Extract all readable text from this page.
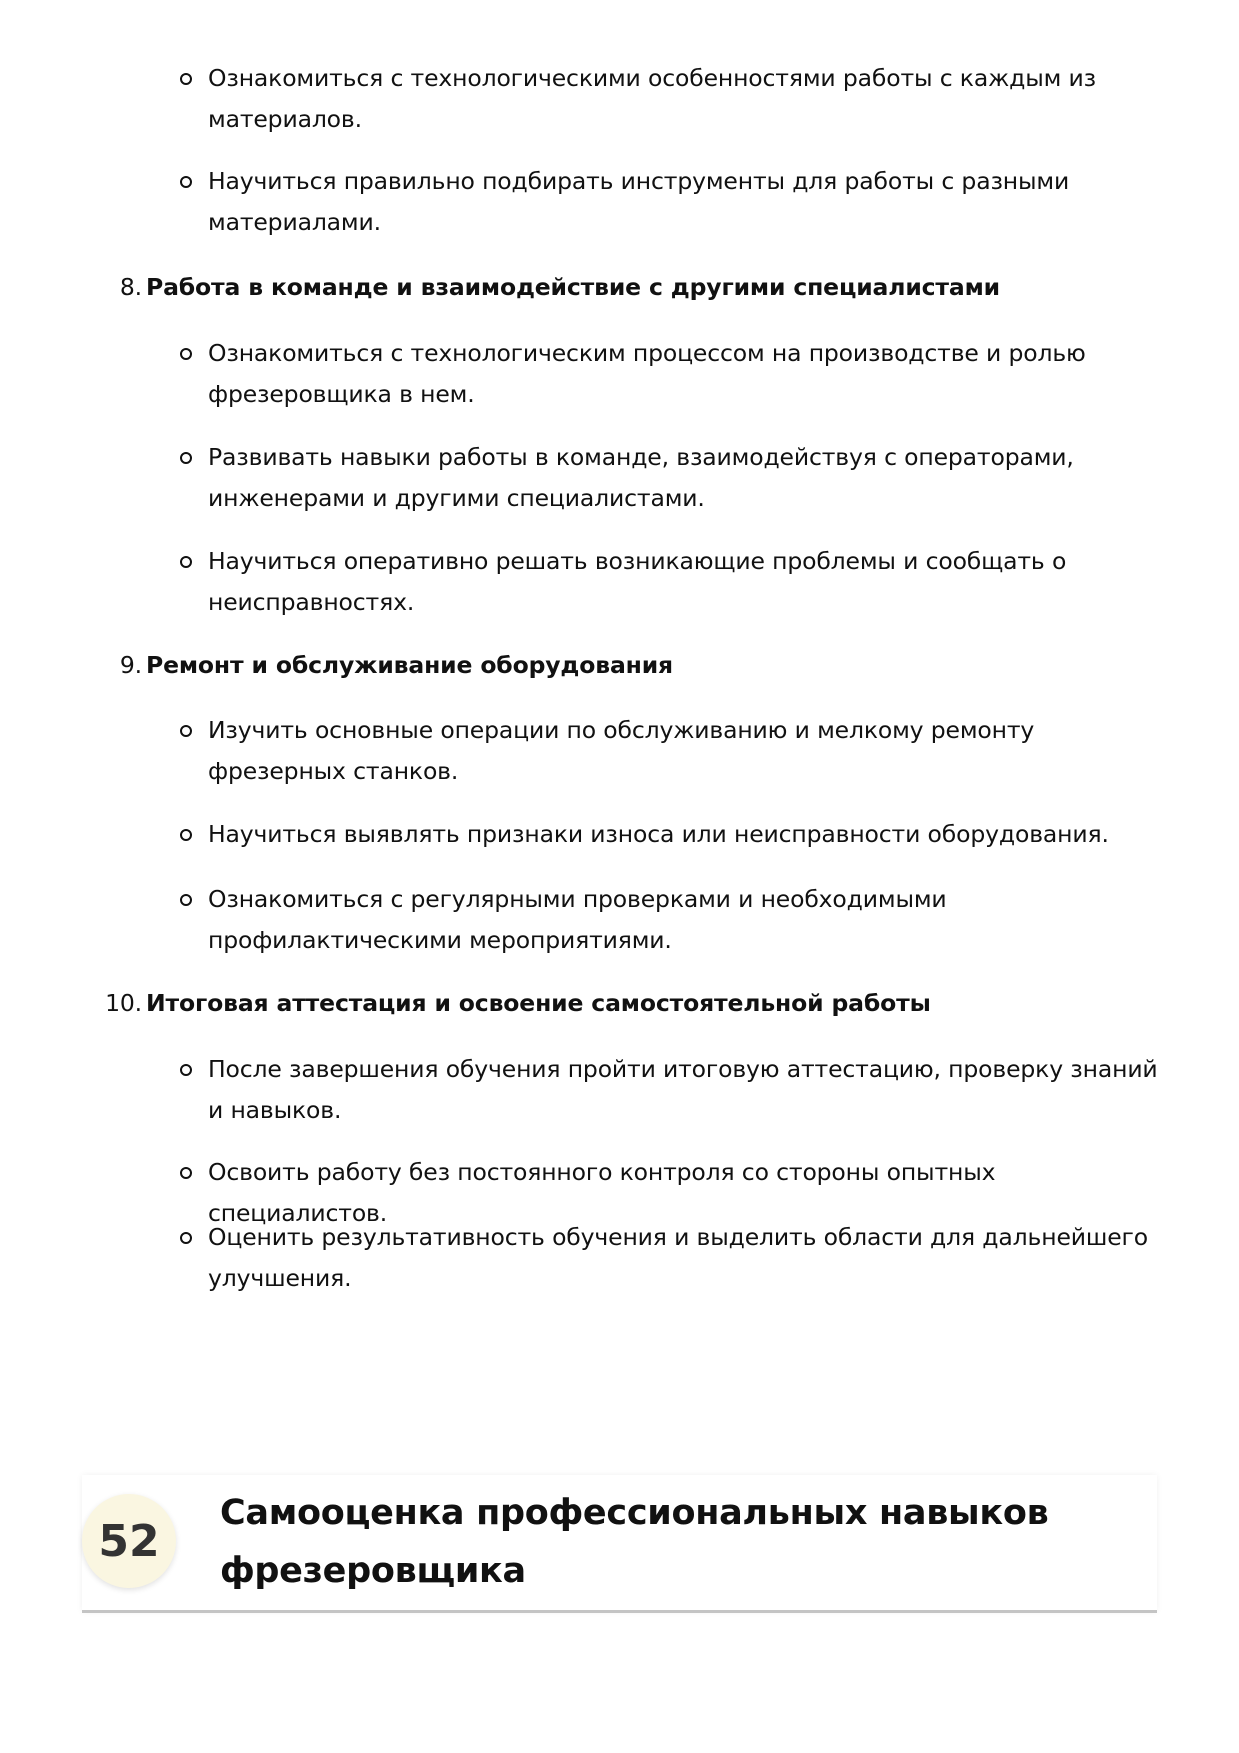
Ознакомиться с технологическими особенностями работы с каждым из материалов.
Научиться правильно подбирать инструменты для работы с разными материалами.
8. Работа в команде и взаимодействие с другими специалистами
Ознакомиться с технологическим процессом на производстве и ролью фрезеровщика в нем.
Развивать навыки работы в команде, взаимодействуя с операторами, инженерами и другими специалистами.
Научиться оперативно решать возникающие проблемы и сообщать о неисправностях.
9. Ремонт и обслуживание оборудования
Изучить основные операции по обслуживанию и мелкому ремонту фрезерных станков.
Научиться выявлять признаки износа или неисправности оборудования.
Ознакомиться с регулярными проверками и необходимыми профилактическими мероприятиями.
10. Итоговая аттестация и освоение самостоятельной работы
После завершения обучения пройти итоговую аттестацию, проверку знаний и навыков.
Освоить работу без постоянного контроля со стороны опытных специалистов.
Оценить результативность обучения и выделить области для дальнейшего улучшения.
52
Самооценка профессиональных навыков фрезеровщика
